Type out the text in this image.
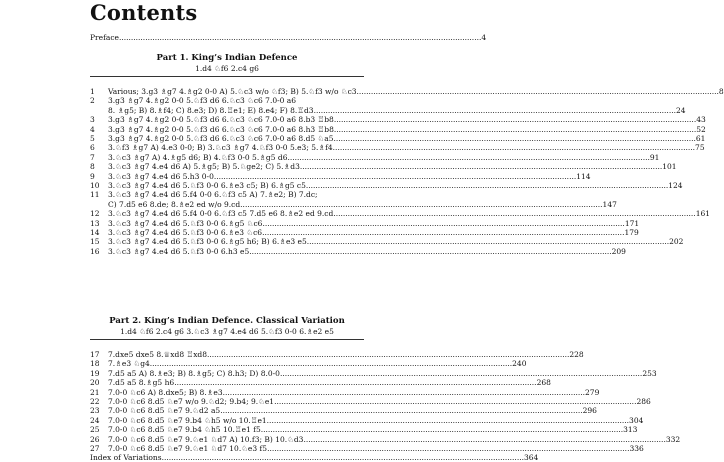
Contents
Preface .....	4
Part 1. King’s Indian Defence
1.d4 ♘f6 2.c4 g6
1	Various; 3.g3 ♗g7 4.♗g2 0-0 A) 5.♘c3 w/o ♘f3; B) 5.♘f3 w/o ♘c3 .....	8
2	3.g3 ♗g7 4.♗g2 0-0 5.♘f3 d6 6.♘c3 ♘c6 7.0-0 a6
8. ♗g5; B) 8.♗f4; C) 8.e3; D) 8.♖e1; E) 8.e4; F) 8.♖d3 .....	24
3	3.g3 ♗g7 4.♗g2 0-0 5.♘f3 d6 6.♘c3 ♘c6 7.0-0 a6 8.b3 ♖b8 .....	43
4	3.g3 ♗g7 4.♗g2 0-0 5.♘f3 d6 6.♘c3 ♘c6 7.0-0 a6 8.h3 ♖b8 .....	52
5	3.g3 ♗g7 4.♗g2 0-0 5.♘f3 d6 6.♘c3 ♘c6 7.0-0 a6 8.d5 ♘a5 .....	61
6	3.♘f3 ♗g7 A) 4.e3 0-0; B) 3.♘c3 ♗g7 4.♘f3 0-0 5.e3; 5.♗f4 .....	75
7	3.♘c3 ♗g7 A) 4.♗g5 d6; B) 4.♘f3 0-0 5.♗g5 d6 .....	91
8	3.♘c3 ♗g7 4.e4 d6 A) 5.♗g5; B) 5.♘ge2; C) 5.♗d3 .....	101
9	3.♘c3 ♗g7 4.e4 d6 5.h3 0-0 .....	114
10	3.♘c3 ♗g7 4.e4 d6 5.♘f3 0-0 6.♗e3 c5; B) 6.♗g5 c5 .....	124
11	3.♘c3 ♗g7 4.e4 d6 5.f4 0-0 6.♘f3 c5 A) 7.♗e2; B) 7.dc;
C) 7.d5 e6 8.de; 8.♗e2 ed w/o 9.cd .....	147
12	3.♘c3 ♗g7 4.e4 d6 5.f4 0-0 6.♘f3 c5 7.d5 e6 8.♗e2 ed 9.cd .....	161
13	3.♘c3 ♗g7 4.e4 d6 5.♘f3 0-0 6.♗g5 ♘c6 .....	171
14	3.♘c3 ♗g7 4.e4 d6 5.♘f3 0-0 6.♗e3 ♘c6 .....	179
15	3.♘c3 ♗g7 4.e4 d6 5.♘f3 0-0 6.♗g5 h6; B) 6.♗e3 e5 .....	202
16	3.♘c3 ♗g7 4.e4 d6 5.♘f3 0-0 6.h3 e5 .....	209
Part 2. King’s Indian Defence. Classical Variation
1.d4 ♘f6 2.c4 g6 3.♘c3 ♗g7 4.e4 d6 5.♘f3 0-0 6.♗e2 e5
17	7.dxe5 dxe5 8.♕xd8 ♖xd8 .....	228
18	7.♗e3 ♘g4 .....	240
19	7.d5 a5 A) 8.♗e3; B) 8.♗g5; C) 8.h3; D) 8.0-0 .....	253
20	7.d5 a5 8.♗g5 h6 .....	268
21	7.0-0 ♘c6 A) 8.dxe5; B) 8.♗e3 .....	279
22	7.0-0 ♘c6 8.d5 ♘e7 w/o 9.♘d2; 9.b4; 9.♘e1 .....	286
23	7.0-0 ♘c6 8.d5 ♘e7 9.♘d2 a5 .....	296
24	7.0-0 ♘c6 8.d5 ♘e7 9.b4 ♘h5 w/o 10.♖e1 .....	304
25	7.0-0 ♘c6 8.d5 ♘e7 9.b4 ♘h5 10.♖e1 f5 .....	313
26	7.0-0 ♘c6 8.d5 ♘e7 9.♘e1 ♘d7 A) 10.f3; B) 10.♘d3 .....	332
27	7.0-0 ♘c6 8.d5 ♘e7 9.♘e1 ♘d7 10.♘e3 f5 .....	336
Index of Variations .....	364
